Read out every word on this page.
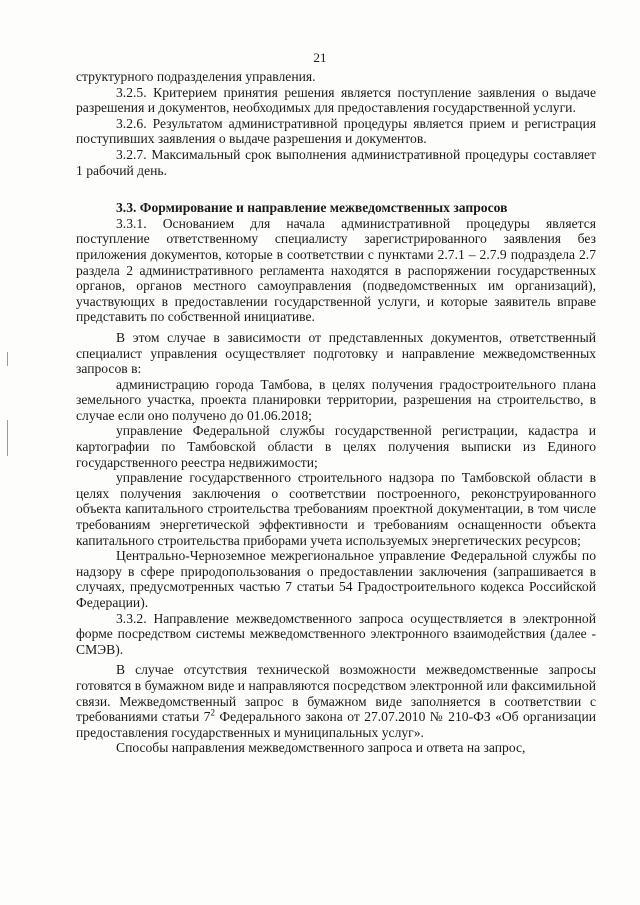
21

структурного подразделения управления.

3.2.5. Критерием принятия решения является поступление заявления о выдаче разрешения и документов, необходимых для предоставления государственной услуги.

3.2.6. Результатом административной процедуры является прием и регистрация поступивших заявления о выдаче разрешения и документов.

3.2.7. Максимальный срок выполнения административной процедуры составляет 1 рабочий день.

3.3. Формирование и направление межведомственных запросов

3.3.1. Основанием для начала административной процедуры является поступление ответственному специалисту зарегистрированного заявления без приложения документов, которые в соответствии с пунктами 2.7.1 – 2.7.9 подраздела 2.7 раздела 2 административного регламента находятся в распоряжении государственных органов, органов местного самоуправления (подведомственных им организаций), участвующих в предоставлении государственной услуги, и которые заявитель вправе представить по собственной инициативе.

В этом случае в зависимости от представленных документов, ответственный специалист управления осуществляет подготовку и направление межведомственных запросов в:

администрацию города Тамбова, в целях получения градостроительного плана земельного участка, проекта планировки территории, разрешения на строительство, в случае если оно получено до 01.06.2018;

управление Федеральной службы государственной регистрации, кадастра и картографии по Тамбовской области в целях получения выписки из Единого государственного реестра недвижимости;

управление государственного строительного надзора по Тамбовской области в целях получения заключения о соответствии построенного, реконструированного объекта капитального строительства требованиям проектной документации, в том числе требованиям энергетической эффективности и требованиям оснащенности объекта капитального строительства приборами учета используемых энергетических ресурсов;

Центрально-Черноземное межрегиональное управление Федеральной службы по надзору в сфере природопользования о предоставлении заключения (запрашивается в случаях, предусмотренных частью 7 статьи 54 Градостроительного кодекса Российской Федерации).

3.3.2. Направление межведомственного запроса осуществляется в электронной форме посредством системы межведомственного электронного взаимодействия (далее - СМЭВ).

В случае отсутствия технической возможности межведомственные запросы готовятся в бумажном виде и направляются посредством электронной или факсимильной связи. Межведомственный запрос в бумажном виде заполняется в соответствии с требованиями статьи $7^2$ Федерального закона от 27.07.2010 № 210-ФЗ «Об организации предоставления государственных и муниципальных услуг».

Способы направления межведомственного запроса и ответа на запрос,
